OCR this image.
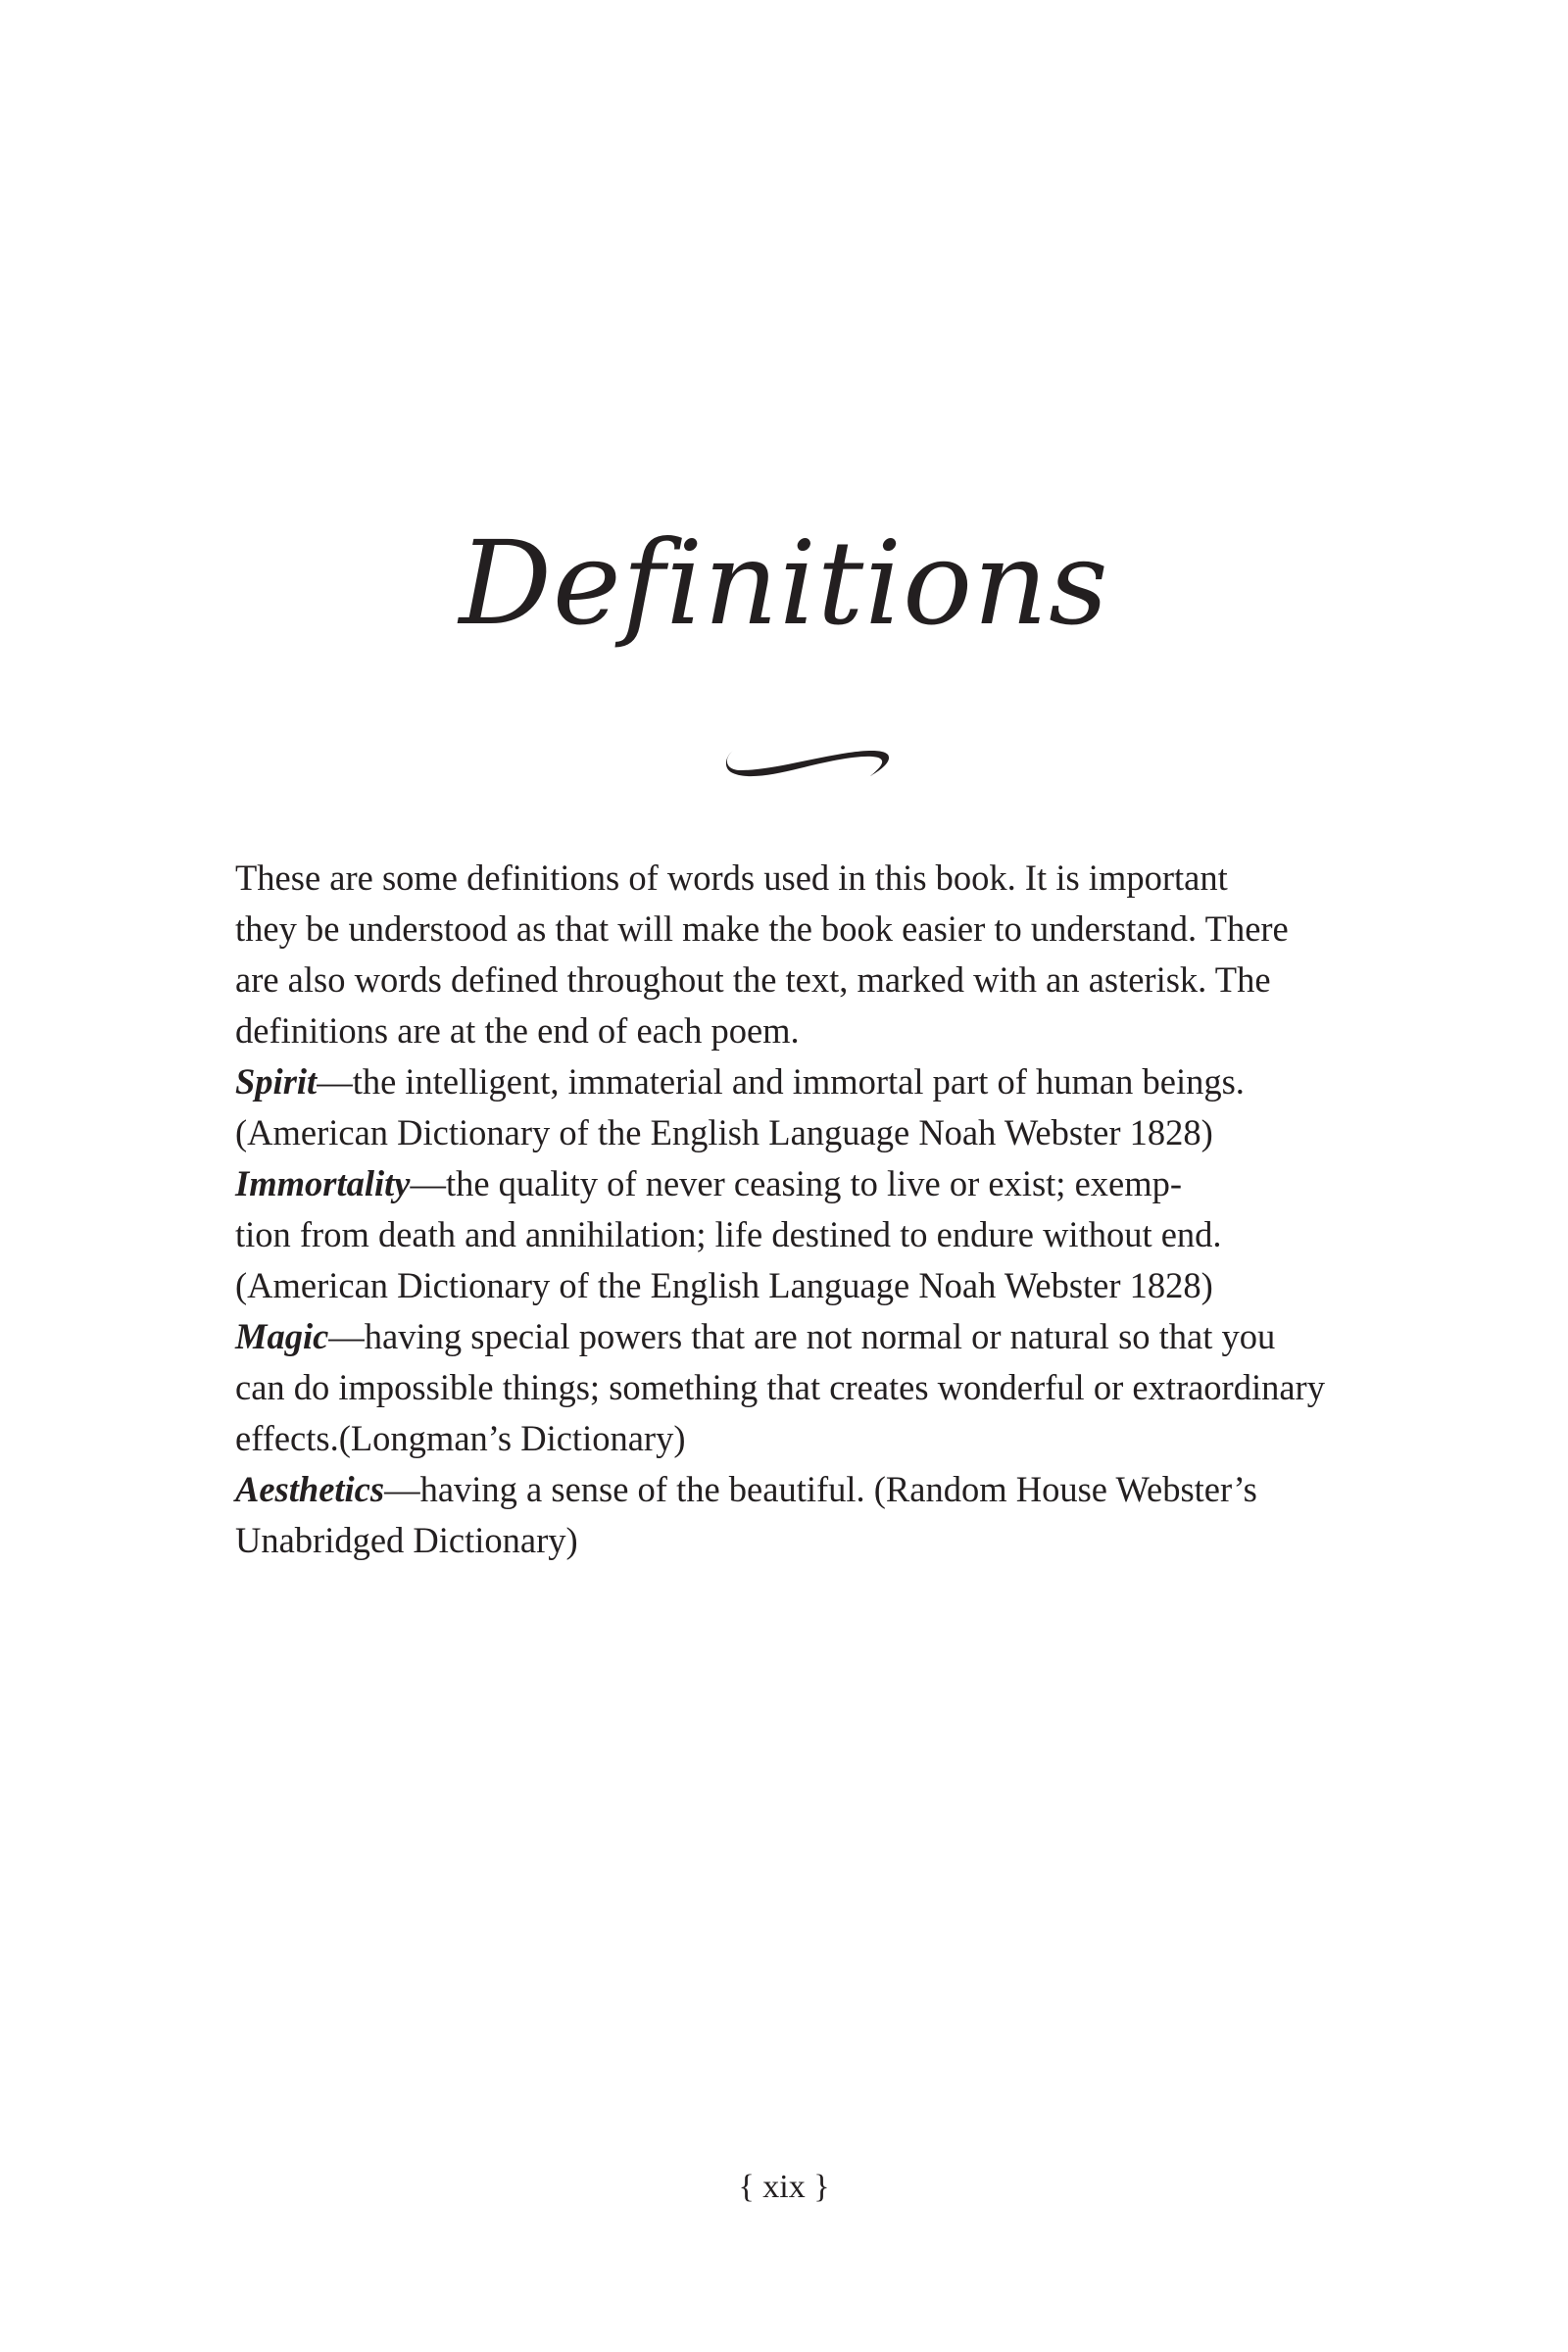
Definitions

These are some definitions of words used in this book. It is important
they be understood as that will make the book easier to understand. There
are also words defined throughout the text, marked with an asterisk. The
definitions are at the end of each poem.

Spirit—the intelligent, immaterial and immortal part of human beings.
(American Dictionary of the English Language Noah Webster 1828)

Immortality—the quality of never ceasing to live or exist; exemp-
tion from death and annihilation; life destined to endure without end.
(American Dictionary of the English Language Noah Webster 1828)

Magic—having special powers that are not normal or natural so that you
can do impossible things; something that creates wonderful or extraordinary
effects.(Longman’s Dictionary)

Aesthetics—having a sense of the beautiful. (Random House Webster’s
Unabridged Dictionary)

{ xix }
